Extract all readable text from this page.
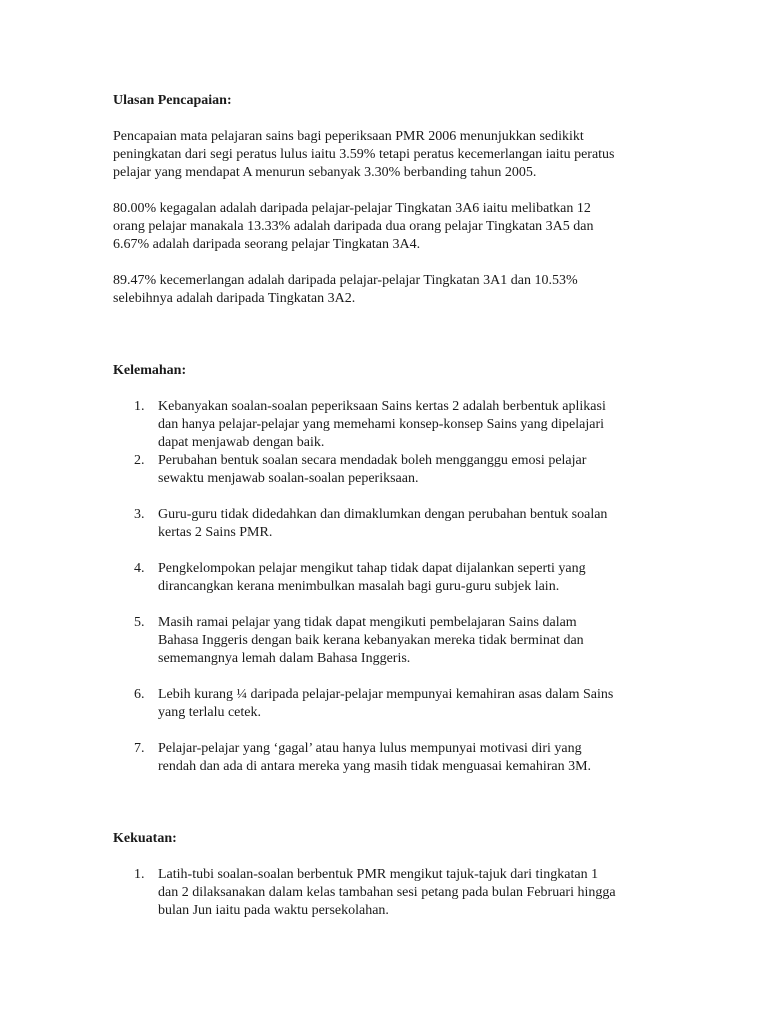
Ulasan Pencapaian:

Pencapaian mata pelajaran sains bagi peperiksaan PMR 2006 menunjukkan sedikikt
peningkatan dari segi peratus lulus iaitu 3.59% tetapi peratus kecemerlangan iaitu peratus
pelajar yang mendapat A menurun sebanyak 3.30% berbanding tahun 2005.

80.00% kegagalan adalah daripada pelajar-pelajar Tingkatan 3A6 iaitu melibatkan 12
orang pelajar manakala 13.33% adalah daripada dua orang pelajar Tingkatan 3A5 dan
6.67% adalah daripada seorang pelajar Tingkatan 3A4.

89.47% kecemerlangan adalah daripada pelajar-pelajar Tingkatan 3A1 dan 10.53%
selebihnya adalah daripada Tingkatan 3A2.

Kelemahan:

1. Kebanyakan soalan-soalan peperiksaan Sains kertas 2 adalah berbentuk aplikasi
dan hanya pelajar-pelajar yang memehami konsep-konsep Sains yang dipelajari
dapat menjawab dengan baik.
2. Perubahan bentuk soalan secara mendadak boleh mengganggu emosi pelajar
sewaktu menjawab soalan-soalan peperiksaan.
3. Guru-guru tidak didedahkan dan dimaklumkan dengan perubahan bentuk soalan
kertas 2 Sains PMR.
4. Pengkelompokan pelajar mengikut tahap tidak dapat dijalankan seperti yang
dirancangkan kerana menimbulkan masalah bagi guru-guru subjek lain.
5. Masih ramai pelajar yang tidak dapat mengikuti pembelajaran Sains dalam
Bahasa Inggeris dengan baik kerana kebanyakan mereka tidak berminat dan
sememangnya lemah dalam Bahasa Inggeris.
6. Lebih kurang ¼ daripada pelajar-pelajar mempunyai kemahiran asas dalam Sains
yang terlalu cetek.
7. Pelajar-pelajar yang ‘gagal’ atau hanya lulus mempunyai motivasi diri yang
rendah dan ada di antara mereka yang masih tidak menguasai kemahiran 3M.

Kekuatan:

1. Latih-tubi soalan-soalan berbentuk PMR mengikut tajuk-tajuk dari tingkatan 1
dan 2 dilaksanakan dalam kelas tambahan sesi petang pada bulan Februari hingga
bulan Jun iaitu pada waktu persekolahan.
